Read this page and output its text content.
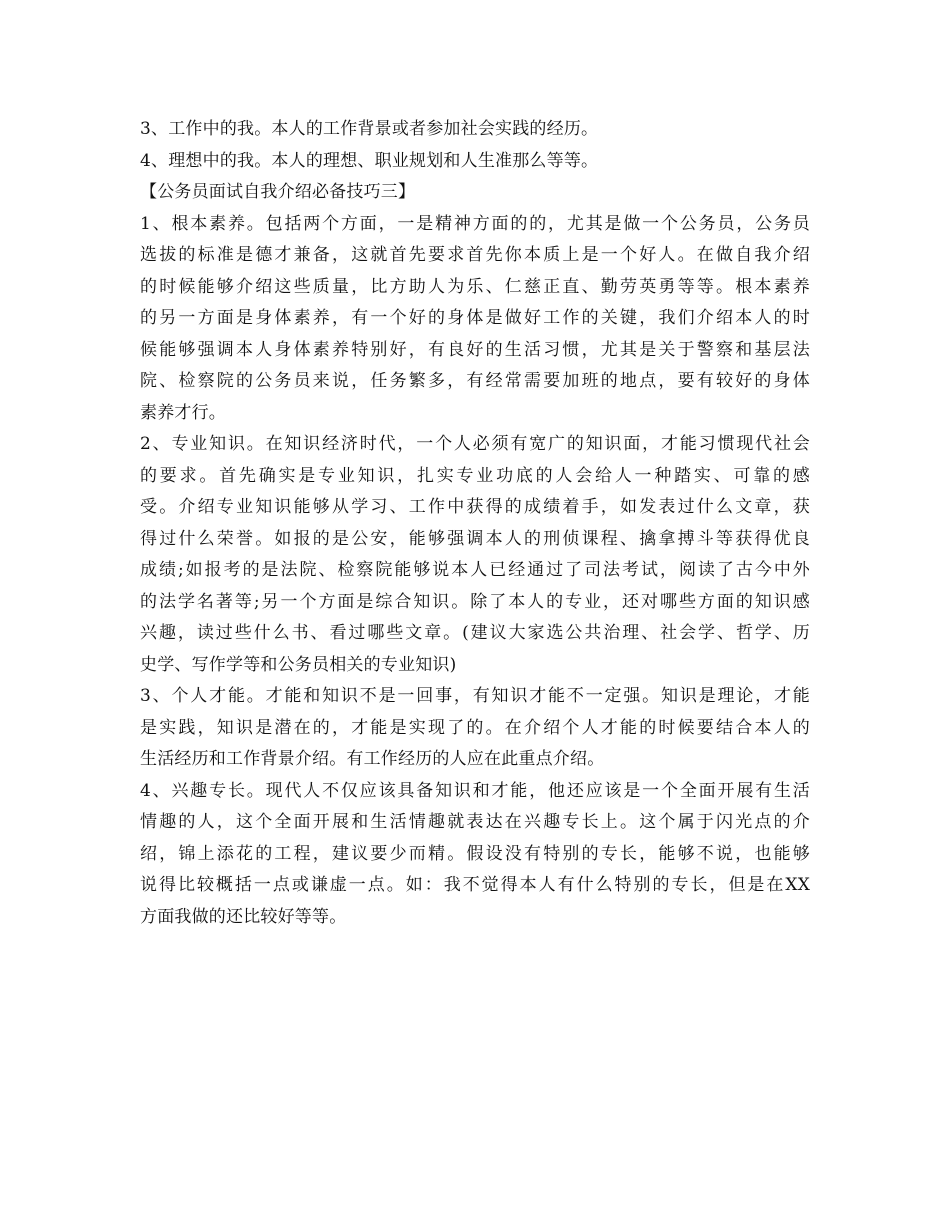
3、工作中的我。本人的工作背景或者参加社会实践的经历。
4、理想中的我。本人的理想、职业规划和人生准那么等等。
【公务员面试自我介绍必备技巧三】
1、根本素养。包括两个方面，一是精神方面的的，尤其是做一个公务员，公务员
选拔的标准是德才兼备，这就首先要求首先你本质上是一个好人。在做自我介绍
的时候能够介绍这些质量，比方助人为乐、仁慈正直、勤劳英勇等等。根本素养
的另一方面是身体素养，有一个好的身体是做好工作的关键，我们介绍本人的时
候能够强调本人身体素养特别好，有良好的生活习惯，尤其是关于警察和基层法
院、检察院的公务员来说，任务繁多，有经常需要加班的地点，要有较好的身体
素养才行。
2、专业知识。在知识经济时代，一个人必须有宽广的知识面，才能习惯现代社会
的要求。首先确实是专业知识，扎实专业功底的人会给人一种踏实、可靠的感
受。介绍专业知识能够从学习、工作中获得的成绩着手，如发表过什么文章，获
得过什么荣誉。如报的是公安，能够强调本人的刑侦课程、擒拿搏斗等获得优良
成绩;如报考的是法院、检察院能够说本人已经通过了司法考试，阅读了古今中外
的法学名著等;另一个方面是综合知识。除了本人的专业，还对哪些方面的知识感
兴趣，读过些什么书、看过哪些文章。(建议大家选公共治理、社会学、哲学、历
史学、写作学等和公务员相关的专业知识)
3、个人才能。才能和知识不是一回事，有知识才能不一定强。知识是理论，才能
是实践，知识是潜在的，才能是实现了的。在介绍个人才能的时候要结合本人的
生活经历和工作背景介绍。有工作经历的人应在此重点介绍。
4、兴趣专长。现代人不仅应该具备知识和才能，他还应该是一个全面开展有生活
情趣的人，这个全面开展和生活情趣就表达在兴趣专长上。这个属于闪光点的介
绍，锦上添花的工程，建议要少而精。假设没有特别的专长，能够不说，也能够
说得比较概括一点或谦虚一点。如：我不觉得本人有什么特别的专长，但是在XX
方面我做的还比较好等等。
